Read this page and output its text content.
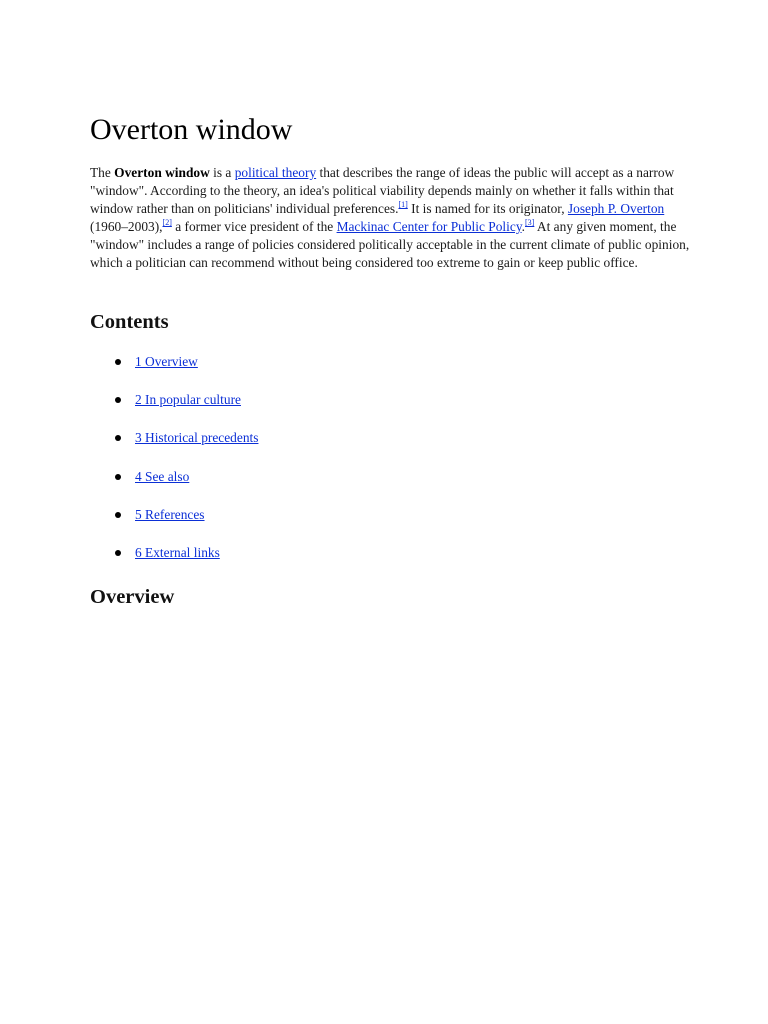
Overton window

The Overton window is a political theory that describes the range of ideas the public will accept as a narrow "window". According to the theory, an idea's political viability depends mainly on whether it falls within that window rather than on politicians' individual preferences.[1] It is named for its originator, Joseph P. Overton (1960–2003),[2] a former vice president of the Mackinac Center for Public Policy.[3] At any given moment, the "window" includes a range of policies considered politically acceptable in the current climate of public opinion, which a politician can recommend without being considered too extreme to gain or keep public office.

Contents
1 Overview
2 In popular culture
3 Historical precedents
4 See also
5 References
6 External links
Overview
